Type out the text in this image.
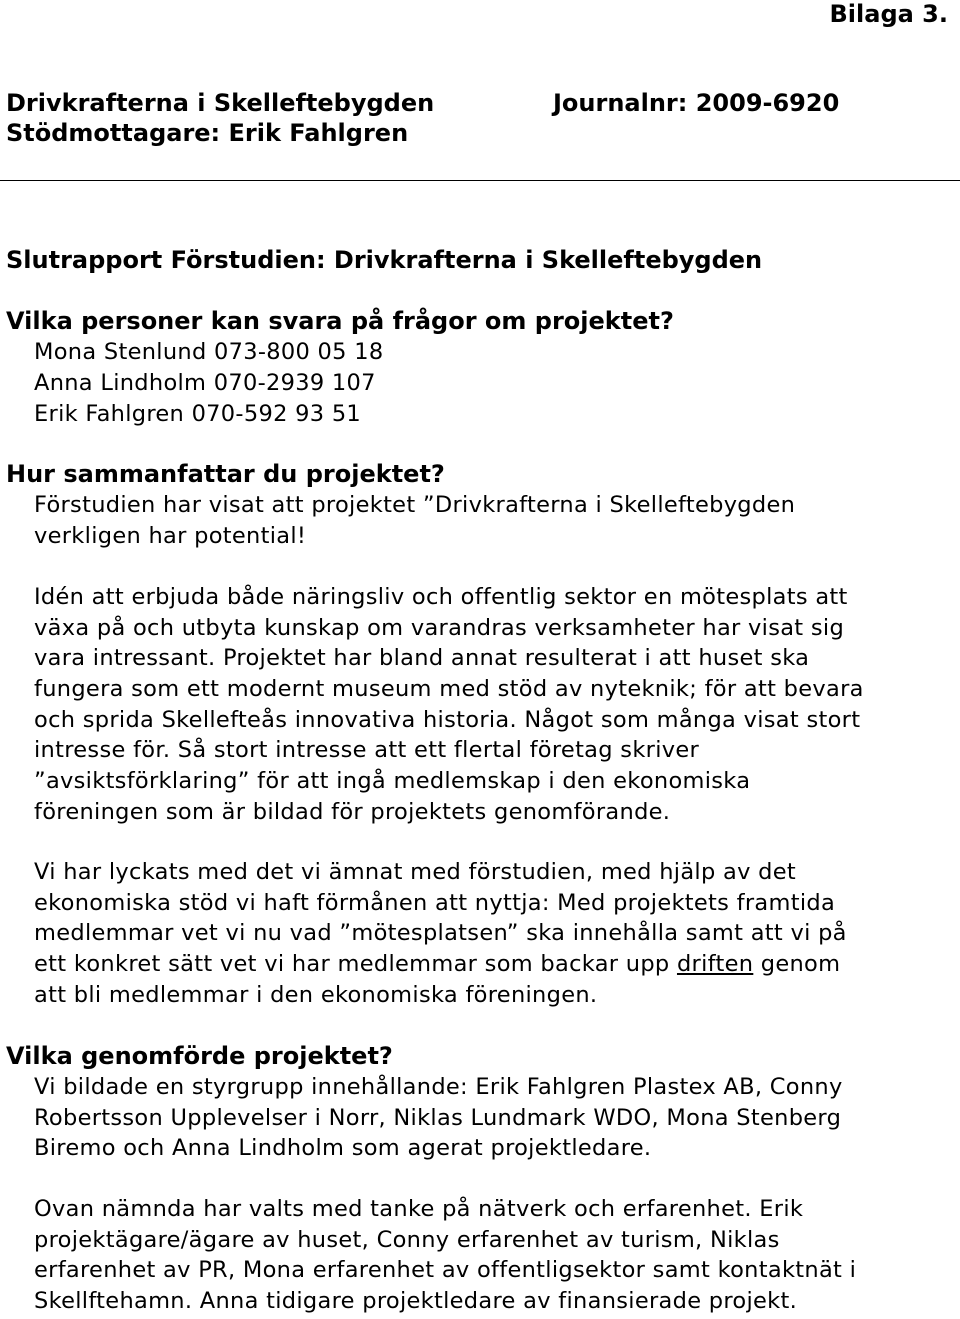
Bilaga 3.
Drivkrafterna i Skelleftebygden	Journalnr: 2009-6920
Stödmottagare: Erik Fahlgren
Slutrapport Förstudien: Drivkrafterna i Skelleftebygden
Vilka personer kan svara på frågor om projektet?
Mona Stenlund 073-800 05 18
Anna Lindholm 070-2939 107
Erik Fahlgren 070-592 93 51
Hur sammanfattar du projektet?
Förstudien har visat att projektet ”Drivkrafterna i Skelleftebygden
verkligen har potential!
Idén att erbjuda både näringsliv och offentlig sektor en mötesplats att
växa på och utbyta kunskap om varandras verksamheter har visat sig
vara intressant. Projektet har bland annat resulterat i att huset ska
fungera som ett modernt museum med stöd av nyteknik; för att bevara
och sprida Skellefteås innovativa historia. Något som många visat stort
intresse för. Så stort intresse att ett flertal företag skriver
”avsiktsförklaring” för att ingå medlemskap i den ekonomiska
föreningen som är bildad för projektets genomförande.
Vi har lyckats med det vi ämnat med förstudien, med hjälp av det
ekonomiska stöd vi haft förmånen att nyttja: Med projektets framtida
medlemmar vet vi nu vad ”mötesplatsen” ska innehålla samt att vi på
ett konkret sätt vet vi har medlemmar som backar upp driften genom
att bli medlemmar i den ekonomiska föreningen.
Vilka genomförde projektet?
Vi bildade en styrgrupp innehållande: Erik Fahlgren Plastex AB, Conny
Robertsson Upplevelser i Norr, Niklas Lundmark WDO, Mona Stenberg
Biremo och Anna Lindholm som agerat projektledare.
Ovan nämnda har valts med tanke på nätverk och erfarenhet. Erik
projektägare/ägare av huset, Conny erfarenhet av turism, Niklas
erfarenhet av PR, Mona erfarenhet av offentligsektor samt kontaktnät i
Skellftehamn. Anna tidigare projektledare av finansierade projekt.
